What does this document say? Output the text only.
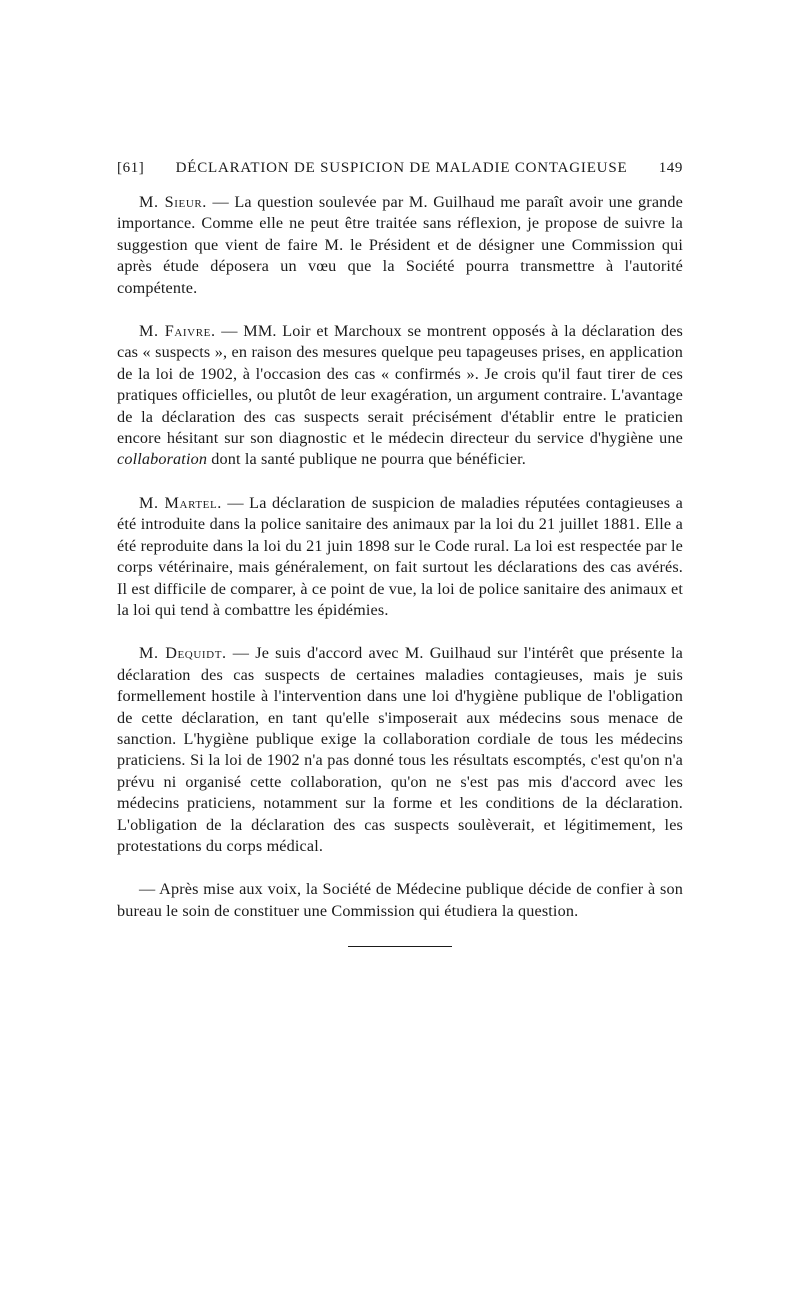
[61]	DÉCLARATION DE SUSPICION DE MALADIE CONTAGIEUSE	149

M. Sieur. — La question soulevée par M. Guilhaud me paraît avoir une grande importance. Comme elle ne peut être traitée sans réflexion, je propose de suivre la suggestion que vient de faire M. le Président et de désigner une Commission qui après étude déposera un vœu que la Société pourra transmettre à l'autorité compétente.

M. Faivre. — MM. Loir et Marchoux se montrent opposés à la déclaration des cas « suspects », en raison des mesures quelque peu tapageuses prises, en application de la loi de 1902, à l'occasion des cas « confirmés ». Je crois qu'il faut tirer de ces pratiques officielles, ou plutôt de leur exagération, un argument contraire. L'avantage de la déclaration des cas suspects serait précisément d'établir entre le praticien encore hésitant sur son diagnostic et le médecin directeur du service d'hygiène une collaboration dont la santé publique ne pourra que bénéficier.

M. Martel. — La déclaration de suspicion de maladies réputées contagieuses a été introduite dans la police sanitaire des animaux par la loi du 21 juillet 1881. Elle a été reproduite dans la loi du 21 juin 1898 sur le Code rural. La loi est respectée par le corps vétérinaire, mais généralement, on fait surtout les déclarations des cas avérés. Il est difficile de comparer, à ce point de vue, la loi de police sanitaire des animaux et la loi qui tend à combattre les épidémies.

M. Dequidt. — Je suis d'accord avec M. Guilhaud sur l'intérêt que présente la déclaration des cas suspects de certaines maladies contagieuses, mais je suis formellement hostile à l'intervention dans une loi d'hygiène publique de l'obligation de cette déclaration, en tant qu'elle s'imposerait aux médecins sous menace de sanction. L'hygiène publique exige la collaboration cordiale de tous les médecins praticiens. Si la loi de 1902 n'a pas donné tous les résultats escomptés, c'est qu'on n'a prévu ni organisé cette collaboration, qu'on ne s'est pas mis d'accord avec les médecins praticiens, notamment sur la forme et les conditions de la déclaration. L'obligation de la déclaration des cas suspects soulèverait, et légitimement, les protestations du corps médical.

— Après mise aux voix, la Société de Médecine publique décide de confier à son bureau le soin de constituer une Commission qui étudiera la question.
